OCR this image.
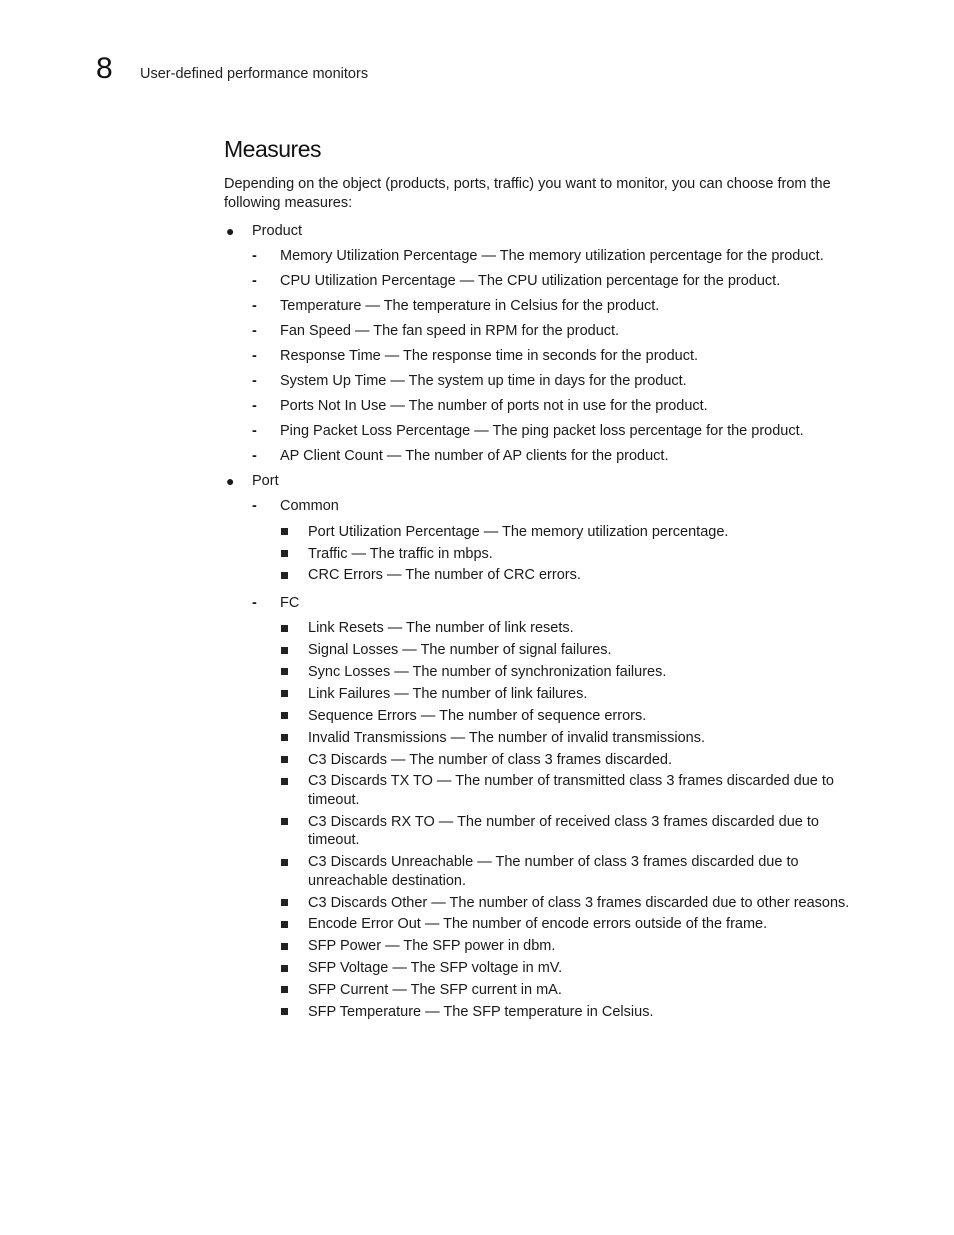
8 User-defined performance monitors
Measures

Depending on the object (products, ports, traffic) you want to monitor, you can choose from the following measures:

● Product
- Memory Utilization Percentage — The memory utilization percentage for the product.
- CPU Utilization Percentage — The CPU utilization percentage for the product.
- Temperature — The temperature in Celsius for the product.
- Fan Speed — The fan speed in RPM for the product.
- Response Time — The response time in seconds for the product.
- System Up Time — The system up time in days for the product.
- Ports Not In Use — The number of ports not in use for the product.
- Ping Packet Loss Percentage — The ping packet loss percentage for the product.
- AP Client Count — The number of AP clients for the product.
● Port
- Common
Port Utilization Percentage — The memory utilization percentage.
Traffic — The traffic in mbps.
CRC Errors — The number of CRC errors.
- FC
Link Resets — The number of link resets.
Signal Losses — The number of signal failures.
Sync Losses — The number of synchronization failures.
Link Failures — The number of link failures.
Sequence Errors — The number of sequence errors.
Invalid Transmissions — The number of invalid transmissions.
C3 Discards — The number of class 3 frames discarded.
C3 Discards TX TO — The number of transmitted class 3 frames discarded due to timeout.
C3 Discards RX TO — The number of received class 3 frames discarded due to timeout.
C3 Discards Unreachable — The number of class 3 frames discarded due to unreachable destination.
C3 Discards Other — The number of class 3 frames discarded due to other reasons.
Encode Error Out — The number of encode errors outside of the frame.
SFP Power — The SFP power in dbm.
SFP Voltage — The SFP voltage in mV.
SFP Current — The SFP current in mA.
SFP Temperature — The SFP temperature in Celsius.
